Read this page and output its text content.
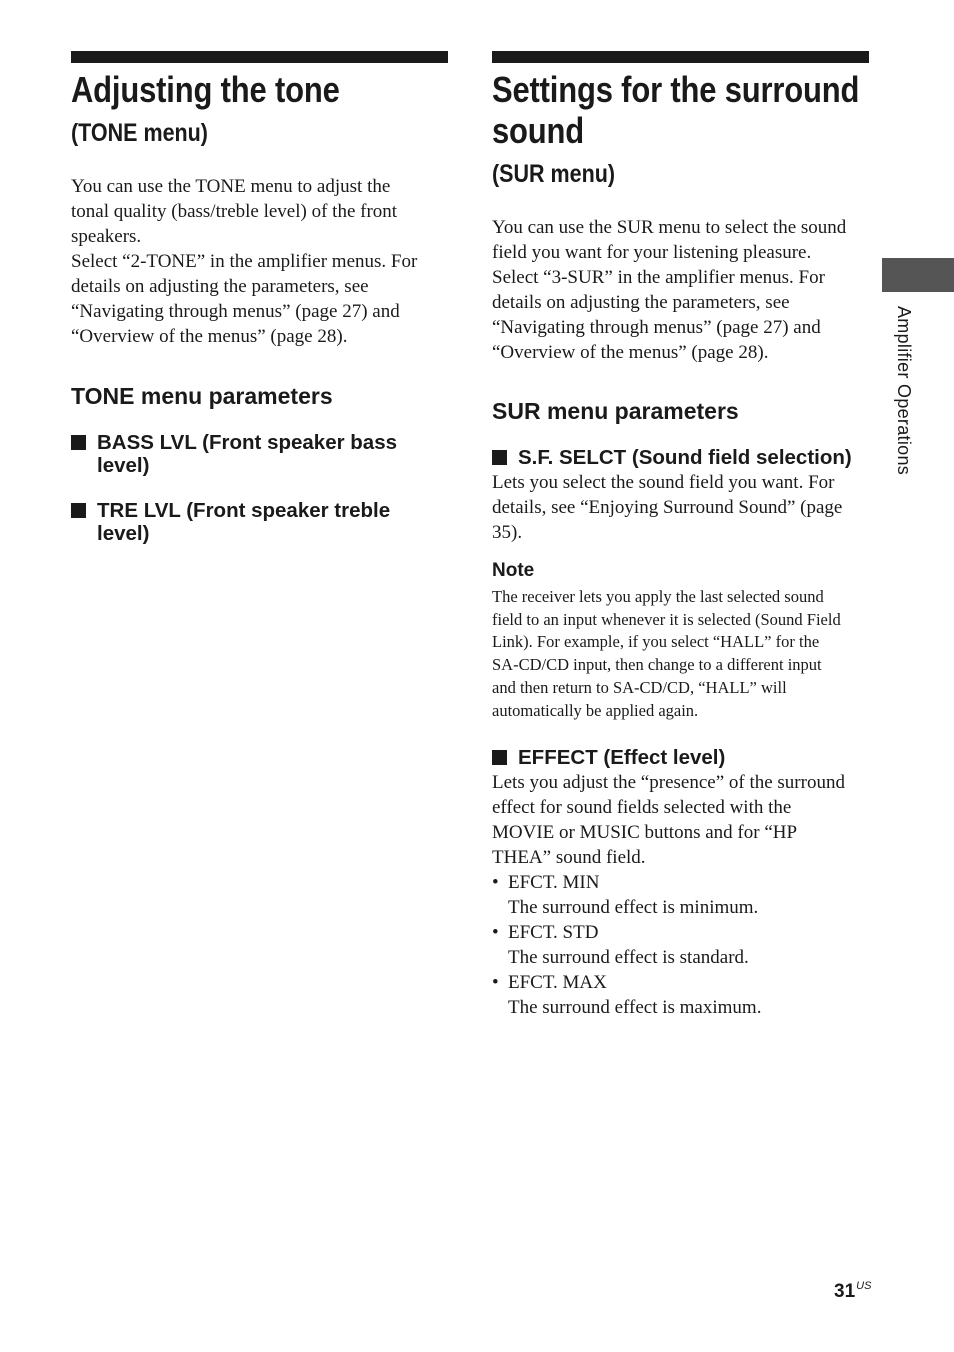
Adjusting the tone
(TONE menu)

You can use the TONE menu to adjust the
tonal quality (bass/treble level) of the front
speakers.
Select “2-TONE” in the amplifier menus. For
details on adjusting the parameters, see
“Navigating through menus” (page 27) and
“Overview of the menus” (page 28).

TONE menu parameters
BASS LVL (Front speaker bass level)
TRE LVL (Front speaker treble level)
Settings for the surround
sound
(SUR menu)

You can use the SUR menu to select the sound
field you want for your listening pleasure.
Select “3-SUR” in the amplifier menus. For
details on adjusting the parameters, see
“Navigating through menus” (page 27) and
“Overview of the menus” (page 28).

SUR menu parameters
S.F. SELCT (Sound field selection)

Lets you select the sound field you want. For
details, see “Enjoying Surround Sound” (page
35).

Note

The receiver lets you apply the last selected sound
field to an input whenever it is selected (Sound Field
Link). For example, if you select “HALL” for the
SA-CD/CD input, then change to a different input
and then return to SA-CD/CD, “HALL” will
automatically be applied again.

EFFECT (Effect level)

Lets you adjust the “presence” of the surround
effect for sound fields selected with the
MOVIE or MUSIC buttons and for “HP
THEA” sound field.

• EFCT. MIN
The surround effect is minimum.
• EFCT. STD
The surround effect is standard.
• EFCT. MAX
The surround effect is maximum.
Amplifier Operations
$31^{US}$
